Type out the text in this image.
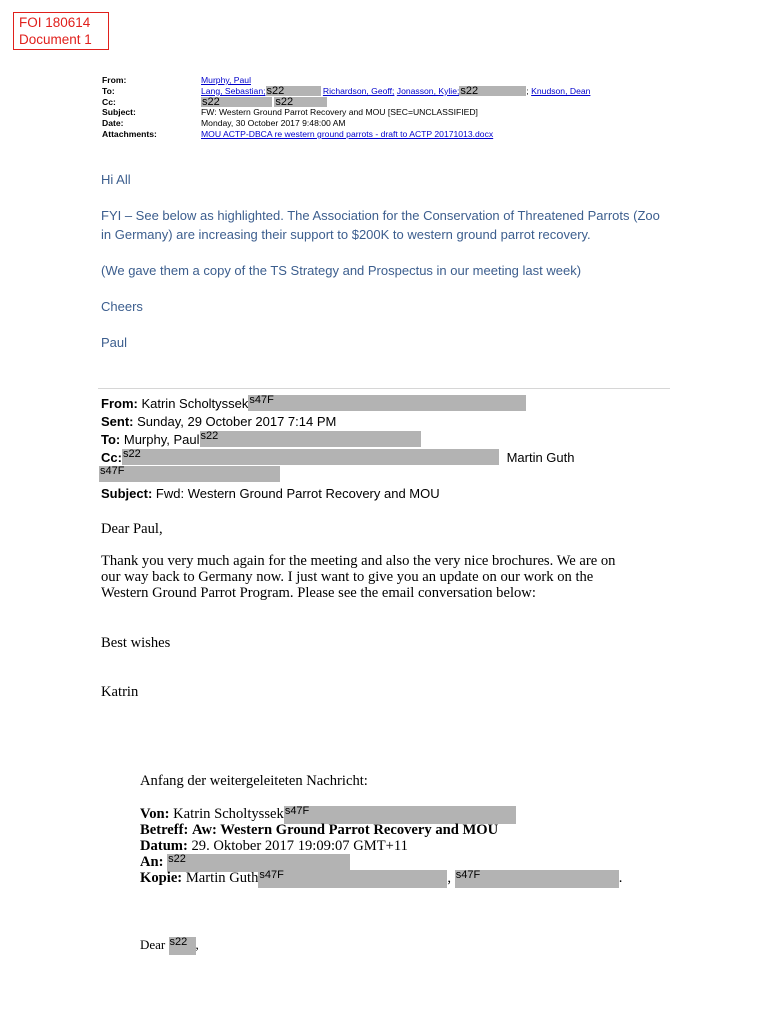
FOI 180614
Document 1
From:	Murphy, Paul
To:	Lang, Sebastian;s22	Richardson, Geoff; Jonasson, Kylie;s22	; Knudson, Dean
Cc:	s22	s22
Subject:	FW: Western Ground Parrot Recovery and MOU [SEC=UNCLASSIFIED]
Date:	Monday, 30 October 2017 9:48:00 AM
Attachments:	MOU ACTP-DBCA re western ground parrots - draft to ACTP 20171013.docx
Hi All
FYI – See below as highlighted. The Association for the Conservation of Threatened Parrots (Zoo
in Germany) are increasing their support to $200K to western ground parrot recovery.
(We gave them a copy of the TS Strategy and Prospectus in our meeting last week)
Cheers
Paul
From: Katrin Scholtysseks47F
Sent: Sunday, 29 October 2017 7:14 PM
To: Murphy, Pauls22
Cc:s22	Martin Guth
s47F
Subject: Fwd: Western Ground Parrot Recovery and MOU
Dear Paul,
Thank you very much again for the meeting and also the very nice brochures. We are on
our way back to Germany now. I just want to give you an update on our work on the
Western Ground Parrot Program. Please see the email conversation below:
Best wishes
Katrin
Anfang der weitergeleiteten Nachricht:
Von: Katrin Scholtysseks47F
Betreff: Aw: Western Ground Parrot Recovery and MOU
Datum: 29. Oktober 2017 19:09:07 GMT+11
An: s22
Kopie: Martin Guths47F	, s47F	.
Dear s22 ,
